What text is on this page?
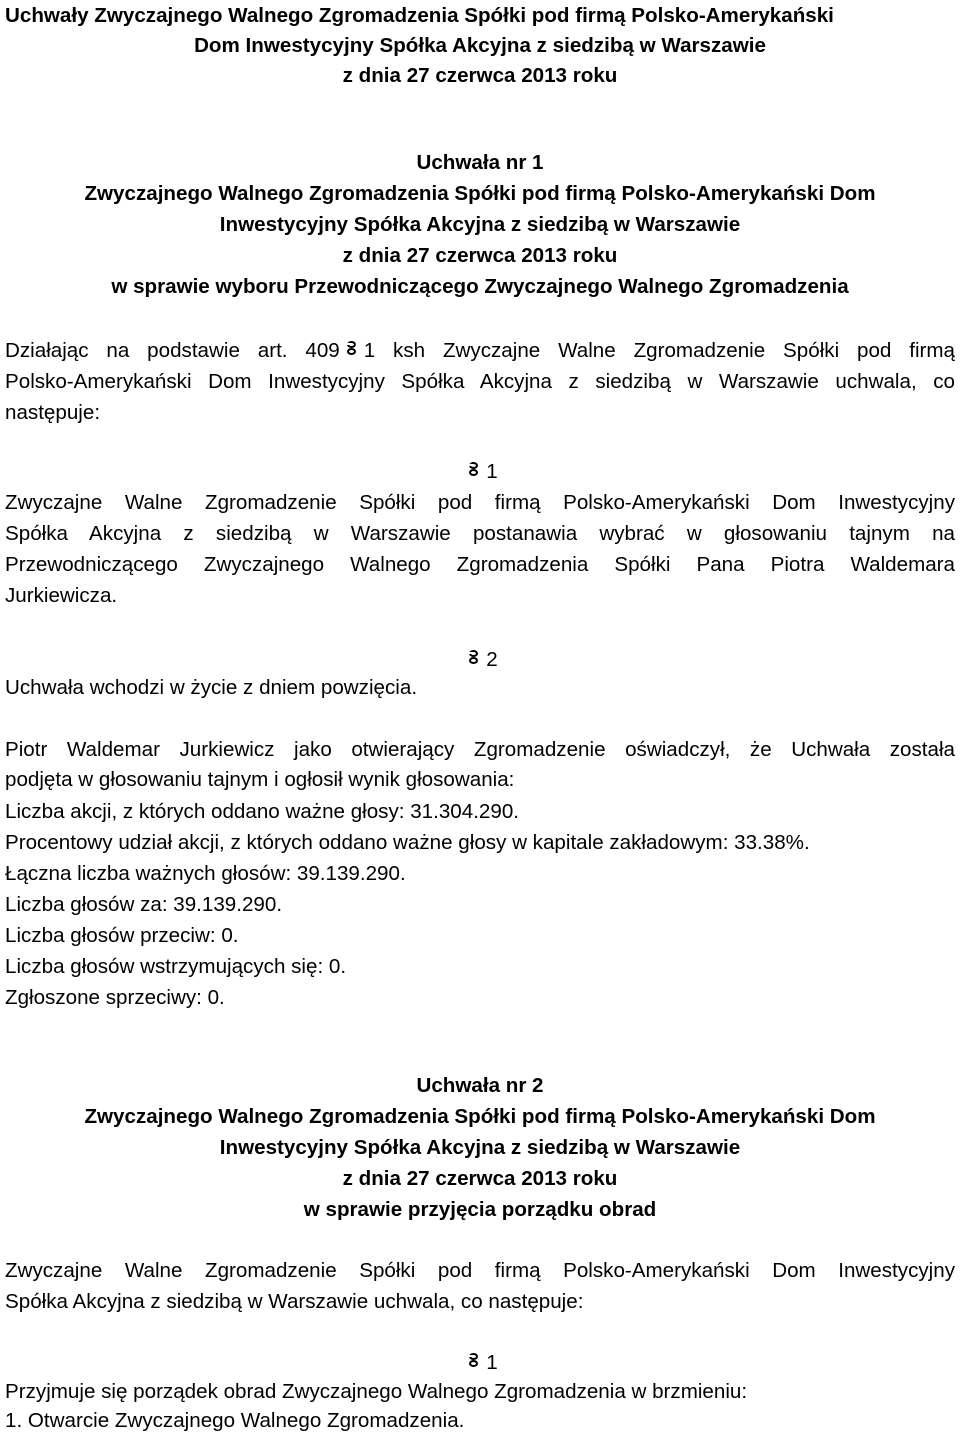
Uchwały Zwyczajnego Walnego Zgromadzenia Spółki pod firmą Polsko-Amerykański
Dom Inwestycyjny Spółka Akcyjna z siedzibą w Warszawie
z dnia 27 czerwca 2013 roku
Uchwała nr 1
Zwyczajnego Walnego Zgromadzenia Spółki pod firmą Polsko-Amerykański Dom
Inwestycyjny Spółka Akcyjna z siedzibą w Warszawie
z dnia 27 czerwca 2013 roku
w sprawie wyboru Przewodniczącego Zwyczajnego Walnego Zgromadzenia
Działając na podstawie art. 409 1 ksh Zwyczajne Walne Zgromadzenie Spółki pod firmą
Polsko-Amerykański Dom Inwestycyjny Spółka Akcyjna z siedzibą w Warszawie uchwala, co
następuje:
1
Zwyczajne Walne Zgromadzenie Spółki pod firmą Polsko-Amerykański Dom Inwestycyjny
Spółka Akcyjna z siedzibą w Warszawie postanawia wybrać w głosowaniu tajnym na
Przewodniczącego Zwyczajnego Walnego Zgromadzenia Spółki Pana Piotra Waldemara
Jurkiewicza.
2
Uchwała wchodzi w życie z dniem powzięcia.
Piotr Waldemar Jurkiewicz jako otwierający Zgromadzenie oświadczył, że Uchwała została
podjęta w głosowaniu tajnym i ogłosił wynik głosowania:
Liczba akcji, z których oddano ważne głosy: 31.304.290.
Procentowy udział akcji, z których oddano ważne głosy w kapitale zakładowym: 33.38%.
Łączna liczba ważnych głosów: 39.139.290.
Liczba głosów za: 39.139.290.
Liczba głosów przeciw: 0.
Liczba głosów wstrzymujących się: 0.
Zgłoszone sprzeciwy: 0.
Uchwała nr 2
Zwyczajnego Walnego Zgromadzenia Spółki pod firmą Polsko-Amerykański Dom
Inwestycyjny Spółka Akcyjna z siedzibą w Warszawie
z dnia 27 czerwca 2013 roku
w sprawie przyjęcia porządku obrad
Zwyczajne Walne Zgromadzenie Spółki pod firmą Polsko-Amerykański Dom Inwestycyjny
Spółka Akcyjna z siedzibą w Warszawie uchwala, co następuje:
1
Przyjmuje się porządek obrad Zwyczajnego Walnego Zgromadzenia w brzmieniu:
1. Otwarcie Zwyczajnego Walnego Zgromadzenia.
